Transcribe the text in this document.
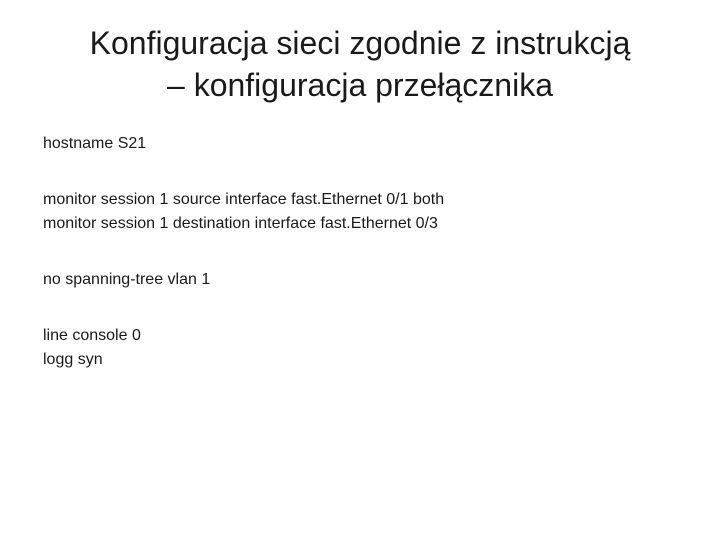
Konfiguracja sieci zgodnie z instrukcją
– konfiguracja przełącznika
hostname S21
monitor session 1 source interface fast.Ethernet 0/1 both
monitor session 1 destination interface fast.Ethernet 0/3
no spanning-tree vlan 1
line console 0
logg syn
